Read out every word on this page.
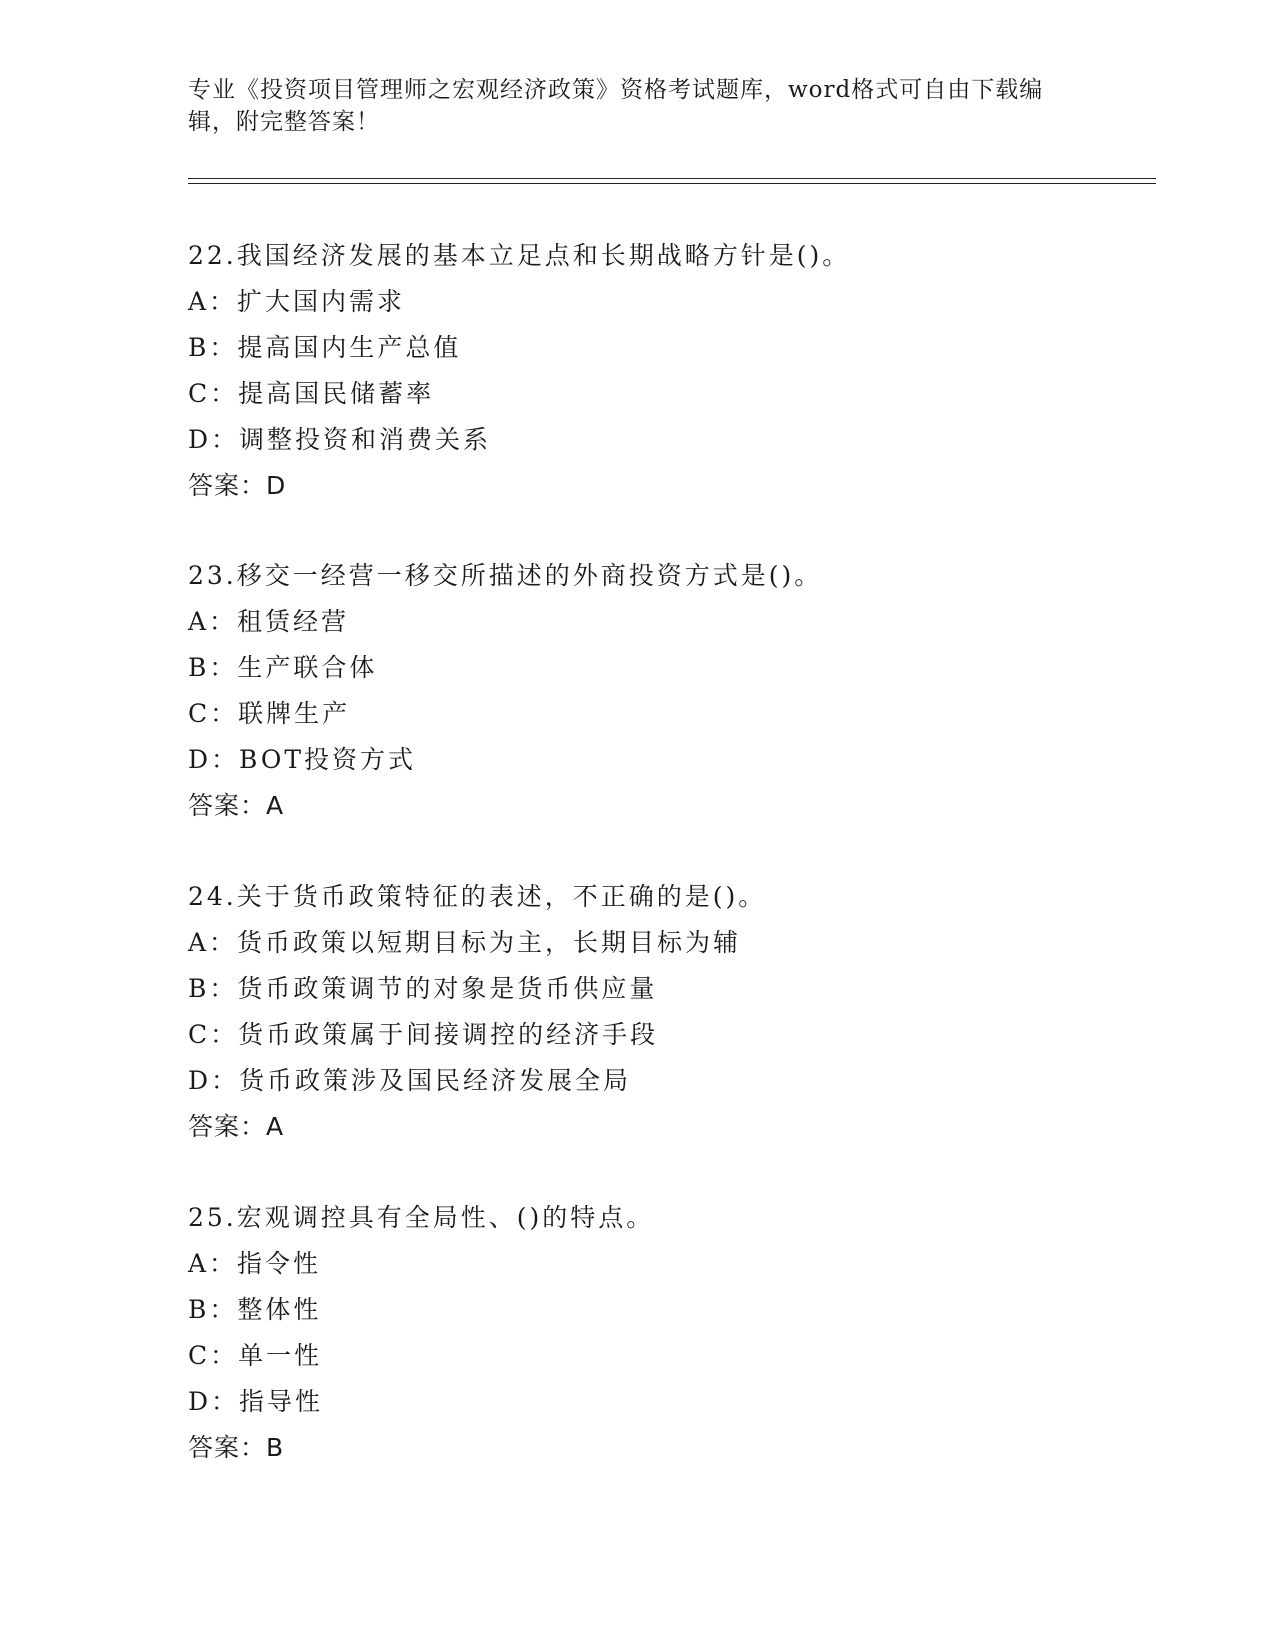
专业《投资项目管理师之宏观经济政策》资格考试题库，word格式可自由下载编
辑，附完整答案！
22.我国经济发展的基本立足点和长期战略方针是()。
A：扩大国内需求
B：提高国内生产总值
C：提高国民储蓄率
D：调整投资和消费关系
答案：D
23.移交一经营一移交所描述的外商投资方式是()。
A：租赁经营
B：生产联合体
C：联牌生产
D：BOT投资方式
答案：A
24.关于货币政策特征的表述，不正确的是()。
A：货币政策以短期目标为主，长期目标为辅
B：货币政策调节的对象是货币供应量
C：货币政策属于间接调控的经济手段
D：货币政策涉及国民经济发展全局
答案：A
25.宏观调控具有全局性、()的特点。
A：指令性
B：整体性
C：单一性
D：指导性
答案：B
